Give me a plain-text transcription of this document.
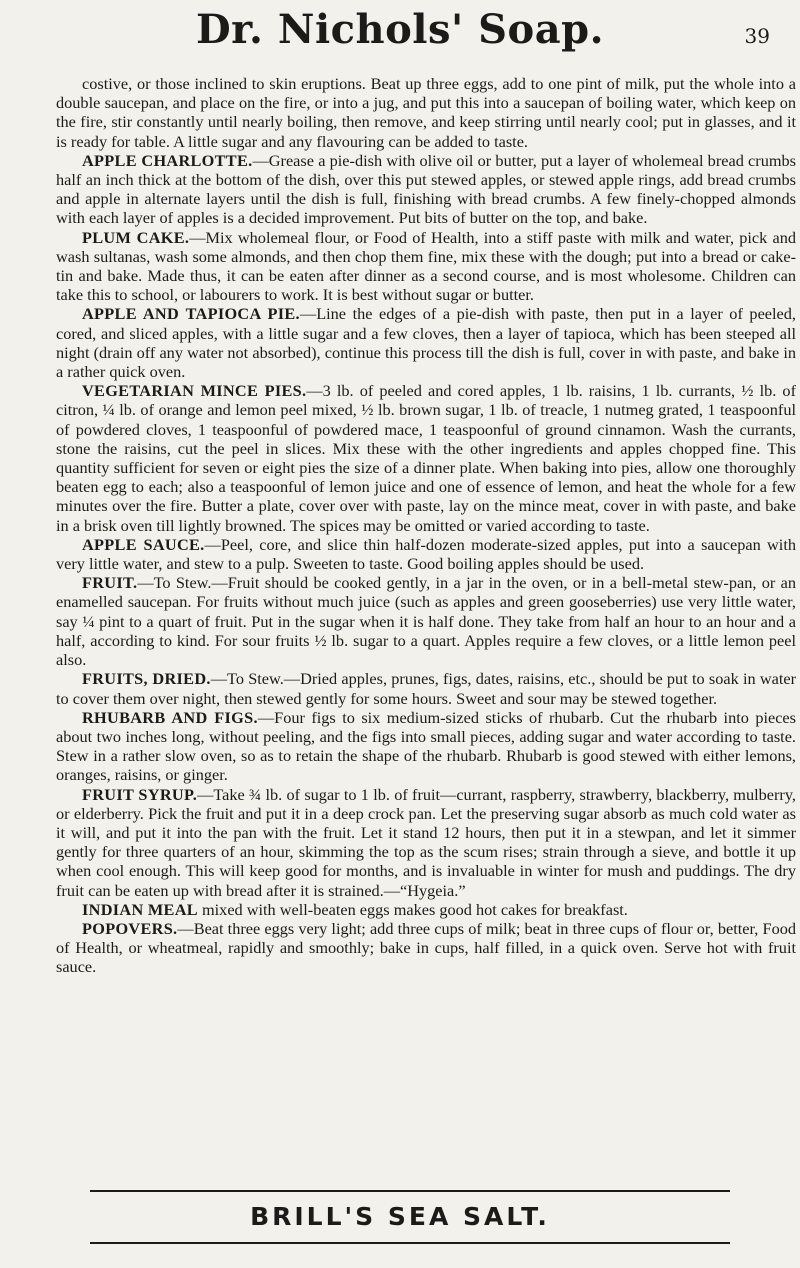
Dr. Nichols' Soap.	39

costive, or those inclined to skin eruptions. Beat up three eggs, add to one pint of milk, put the whole into a double saucepan, and place on the fire, or into a jug, and put this into a saucepan of boiling water, which keep on the fire, stir constantly until nearly boiling, then remove, and keep stirring until nearly cool; put in glasses, and it is ready for table. A little sugar and any flavouring can be added to taste.

APPLE CHARLOTTE.—Grease a pie-dish with olive oil or butter, put a layer of wholemeal bread crumbs half an inch thick at the bottom of the dish, over this put stewed apples, or stewed apple rings, add bread crumbs and apple in alternate layers until the dish is full, finishing with bread crumbs. A few finely-chopped almonds with each layer of apples is a decided improvement. Put bits of butter on the top, and bake.

PLUM CAKE.—Mix wholemeal flour, or Food of Health, into a stiff paste with milk and water, pick and wash sultanas, wash some almonds, and then chop them fine, mix these with the dough; put into a bread or cake-tin and bake. Made thus, it can be eaten after dinner as a second course, and is most wholesome. Children can take this to school, or labourers to work. It is best without sugar or butter.

APPLE AND TAPIOCA PIE.—Line the edges of a pie-dish with paste, then put in a layer of peeled, cored, and sliced apples, with a little sugar and a few cloves, then a layer of tapioca, which has been steeped all night (drain off any water not absorbed), continue this process till the dish is full, cover in with paste, and bake in a rather quick oven.

VEGETARIAN MINCE PIES.—3 lb. of peeled and cored apples, 1 lb. raisins, 1 lb. currants, ½ lb. of citron, ¼ lb. of orange and lemon peel mixed, ½ lb. brown sugar, 1 lb. of treacle, 1 nutmeg grated, 1 teaspoonful of powdered cloves, 1 teaspoonful of powdered mace, 1 teaspoonful of ground cinnamon. Wash the currants, stone the raisins, cut the peel in slices. Mix these with the other ingredients and apples chopped fine. This quantity sufficient for seven or eight pies the size of a dinner plate. When baking into pies, allow one thoroughly beaten egg to each; also a teaspoonful of lemon juice and one of essence of lemon, and heat the whole for a few minutes over the fire. Butter a plate, cover over with paste, lay on the mince meat, cover in with paste, and bake in a brisk oven till lightly browned. The spices may be omitted or varied according to taste.

APPLE SAUCE.—Peel, core, and slice thin half-dozen moderate-sized apples, put into a saucepan with very little water, and stew to a pulp. Sweeten to taste. Good boiling apples should be used.

FRUIT.—To Stew.—Fruit should be cooked gently, in a jar in the oven, or in a bell-metal stew-pan, or an enamelled saucepan. For fruits without much juice (such as apples and green gooseberries) use very little water, say ¼ pint to a quart of fruit. Put in the sugar when it is half done. They take from half an hour to an hour and a half, according to kind. For sour fruits ½ lb. sugar to a quart. Apples require a few cloves, or a little lemon peel also.

FRUITS, DRIED.—To Stew.—Dried apples, prunes, figs, dates, raisins, etc., should be put to soak in water to cover them over night, then stewed gently for some hours. Sweet and sour may be stewed together.

RHUBARB AND FIGS.—Four figs to six medium-sized sticks of rhubarb. Cut the rhubarb into pieces about two inches long, without peeling, and the figs into small pieces, adding sugar and water according to taste. Stew in a rather slow oven, so as to retain the shape of the rhubarb. Rhubarb is good stewed with either lemons, oranges, raisins, or ginger.

FRUIT SYRUP.—Take ¾ lb. of sugar to 1 lb. of fruit—currant, raspberry, strawberry, blackberry, mulberry, or elderberry. Pick the fruit and put it in a deep crock pan. Let the preserving sugar absorb as much cold water as it will, and put it into the pan with the fruit. Let it stand 12 hours, then put it in a stewpan, and let it simmer gently for three quarters of an hour, skimming the top as the scum rises; strain through a sieve, and bottle it up when cool enough. This will keep good for months, and is invaluable in winter for mush and puddings. The dry fruit can be eaten up with bread after it is strained.—“Hygeia.”

INDIAN MEAL mixed with well-beaten eggs makes good hot cakes for breakfast.

POPOVERS.—Beat three eggs very light; add three cups of milk; beat in three cups of flour or, better, Food of Health, or wheatmeal, rapidly and smoothly; bake in cups, half filled, in a quick oven. Serve hot with fruit sauce.

BRILL'S SEA SALT.
